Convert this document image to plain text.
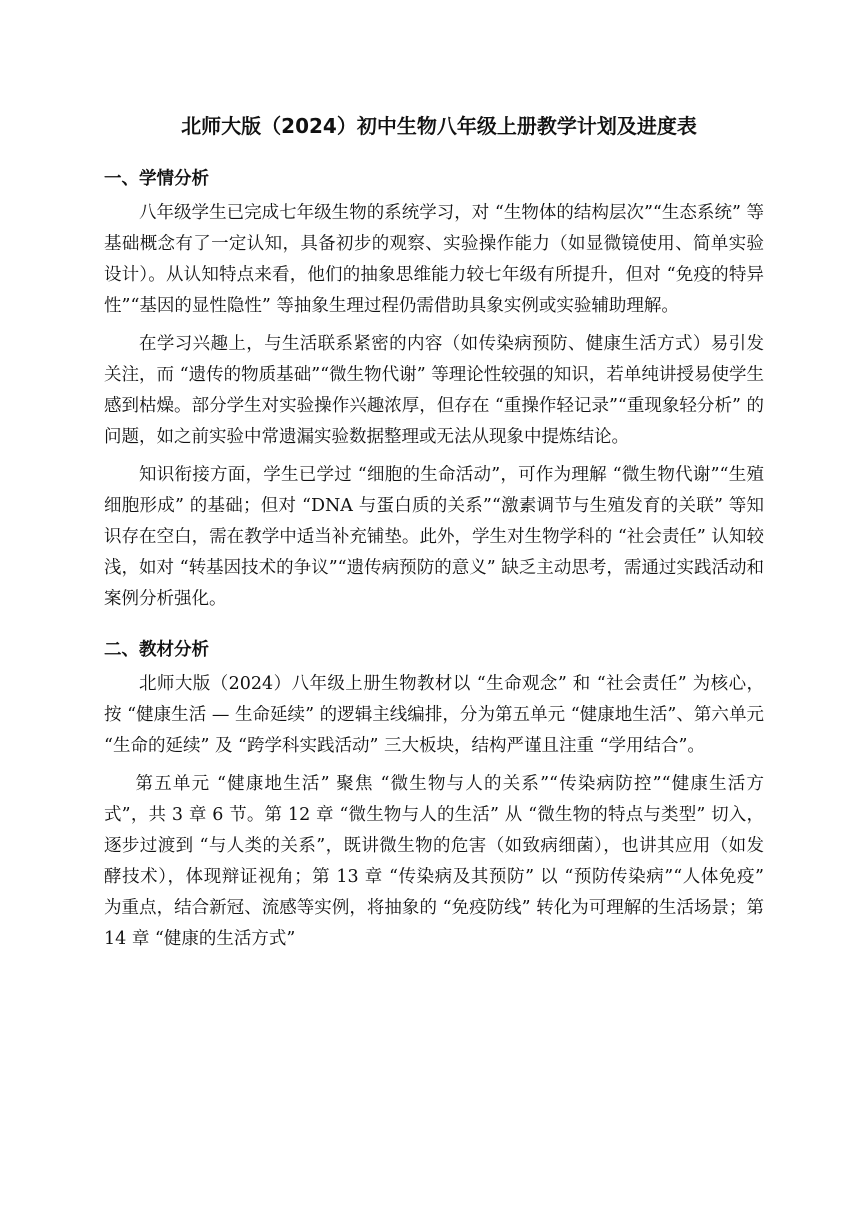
北师大版（2024）初中生物八年级上册教学计划及进度表
一、学情分析

八年级学生已完成七年级生物的系统学习，对 “生物体的结构层次”“生态系统” 等基础概念有了一定认知，具备初步的观察、实验操作能力（如显微镜使用、简单实验设计）。从认知特点来看，他们的抽象思维能力较七年级有所提升，但对 “免疫的特异性”“基因的显性隐性” 等抽象生理过程仍需借助具象实例或实验辅助理解。

在学习兴趣上，与生活联系紧密的内容（如传染病预防、健康生活方式）易引发关注，而 “遗传的物质基础”“微生物代谢” 等理论性较强的知识，若单纯讲授易使学生感到枯燥。部分学生对实验操作兴趣浓厚，但存在 “重操作轻记录”“重现象轻分析” 的问题，如之前实验中常遗漏实验数据整理或无法从现象中提炼结论。

知识衔接方面，学生已学过 “细胞的生命活动”，可作为理解 “微生物代谢”“生殖细胞形成” 的基础；但对 “DNA 与蛋白质的关系”“激素调节与生殖发育的关联” 等知识存在空白，需在教学中适当补充铺垫。此外，学生对生物学科的 “社会责任” 认知较浅，如对 “转基因技术的争议”“遗传病预防的意义” 缺乏主动思考，需通过实践活动和案例分析强化。

二、教材分析

北师大版（2024）八年级上册生物教材以 “生命观念” 和 “社会责任” 为核心，按 “健康生活 — 生命延续” 的逻辑主线编排，分为第五单元 “健康地生活”、第六单元 “生命的延续” 及 “跨学科实践活动” 三大板块，结构严谨且注重 “学用结合”。

第五单元 “健康地生活” 聚焦 “微生物与人的关系”“传染病防控”“健康生活方式”，共 3 章 6 节。第 12 章 “微生物与人的生活” 从 “微生物的特点与类型” 切入，逐步过渡到 “与人类的关系”，既讲微生物的危害（如致病细菌），也讲其应用（如发酵技术），体现辩证视角；第 13 章 “传染病及其预防” 以 “预防传染病”“人体免疫” 为重点，结合新冠、流感等实例，将抽象的 “免疫防线” 转化为可理解的生活场景；第 14 章 “健康的生活方式”
